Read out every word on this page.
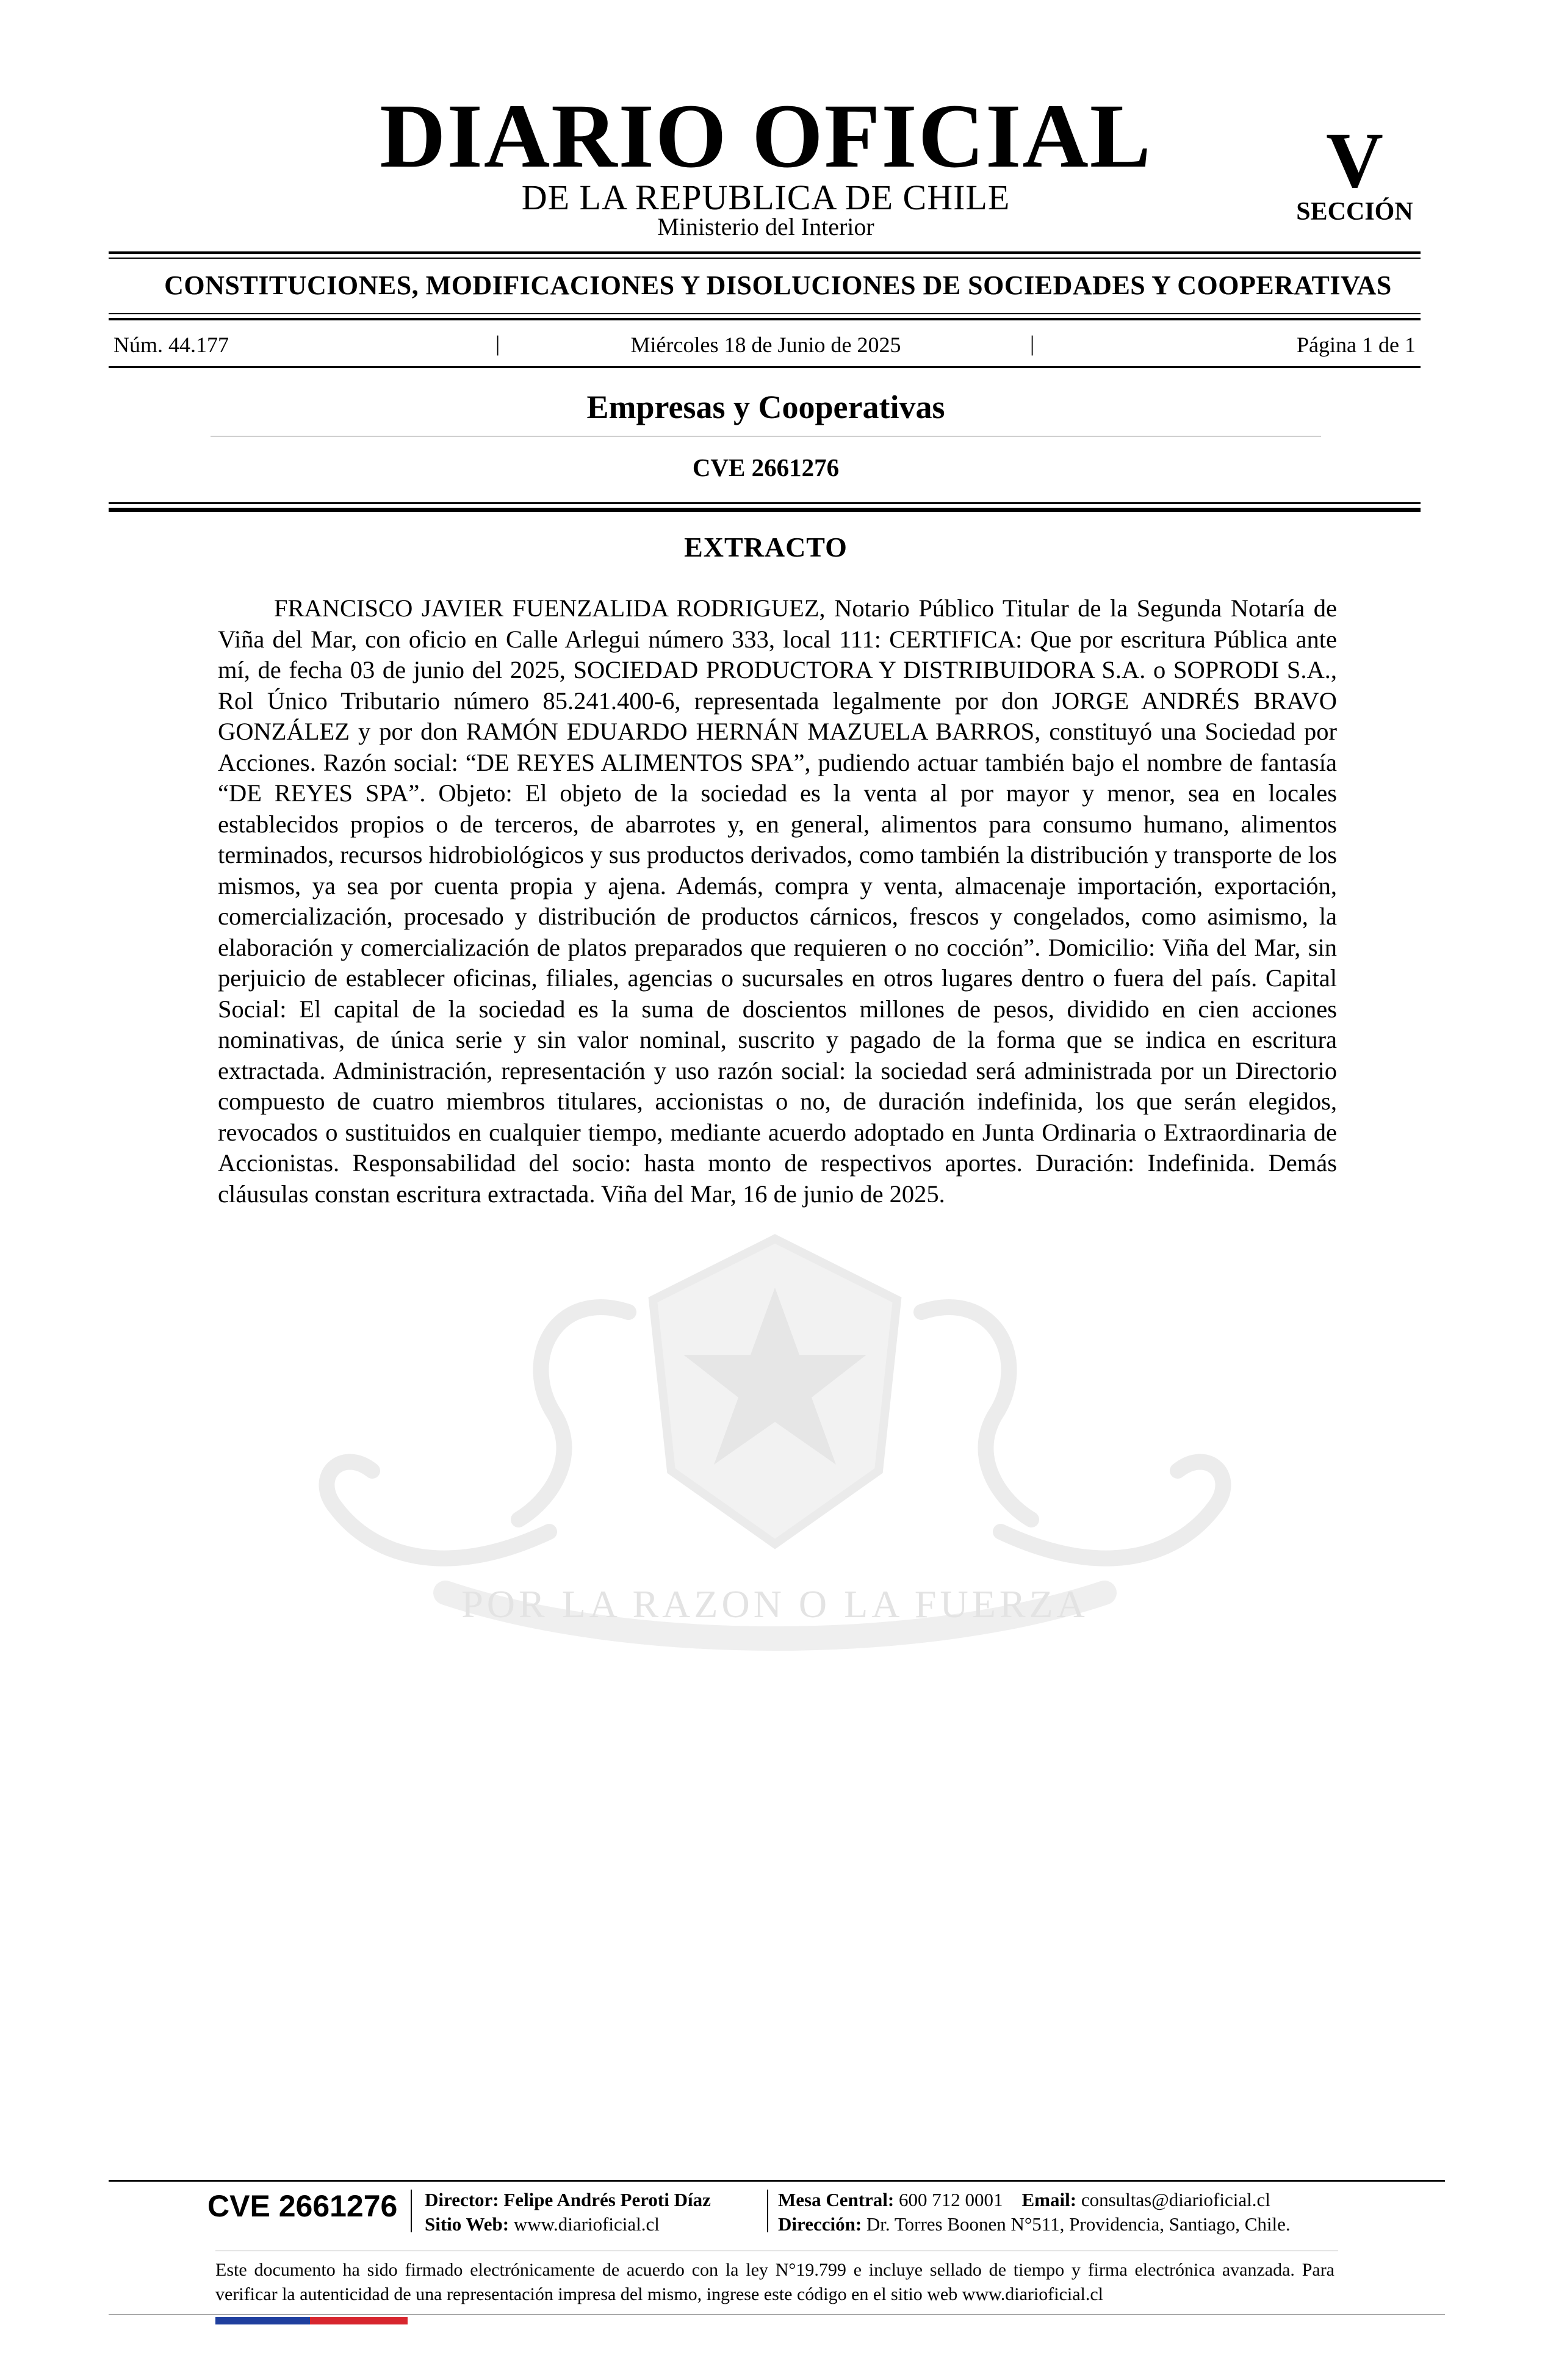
DIARIO OFICIAL
DE LA REPUBLICA DE CHILE
Ministerio del Interior
V
SECCIÓN
CONSTITUCIONES, MODIFICACIONES Y DISOLUCIONES DE SOCIEDADES Y COOPERATIVAS
Núm. 44.177	|	Miércoles 18 de Junio de 2025	|	Página 1 de 1
Empresas y Cooperativas
CVE 2661276
POR LA RAZON O LA FUERZA
EXTRACTO

FRANCISCO JAVIER FUENZALIDA RODRIGUEZ, Notario Público Titular de la Segunda Notaría de Viña del Mar, con oficio en Calle Arlegui número 333, local 111: CERTIFICA: Que por escritura Pública ante mí, de fecha 03 de junio del 2025, SOCIEDAD PRODUCTORA Y DISTRIBUIDORA S.A. o SOPRODI S.A., Rol Único Tributario número 85.241.400-6, representada legalmente por don JORGE ANDRÉS BRAVO GONZÁLEZ y por don RAMÓN EDUARDO HERNÁN MAZUELA BARROS, constituyó una Sociedad por Acciones. Razón social: “DE REYES ALIMENTOS SPA”, pudiendo actuar también bajo el nombre de fantasía “DE REYES SPA”. Objeto: El objeto de la sociedad es la venta al por mayor y menor, sea en locales establecidos propios o de terceros, de abarrotes y, en general, alimentos para consumo humano, alimentos terminados, recursos hidrobiológicos y sus productos derivados, como también la distribución y transporte de los mismos, ya sea por cuenta propia y ajena. Además, compra y venta, almacenaje importación, exportación, comercialización, procesado y distribución de productos cárnicos, frescos y congelados, como asimismo, la elaboración y comercialización de platos preparados que requieren o no cocción”. Domicilio: Viña del Mar, sin perjuicio de establecer oficinas, filiales, agencias o sucursales en otros lugares dentro o fuera del país. Capital Social: El capital de la sociedad es la suma de doscientos millones de pesos, dividido en cien acciones nominativas, de única serie y sin valor nominal, suscrito y pagado de la forma que se indica en escritura extractada. Administración, representación y uso razón social: la sociedad será administrada por un Directorio compuesto de cuatro miembros titulares, accionistas o no, de duración indefinida, los que serán elegidos, revocados o sustituidos en cualquier tiempo, mediante acuerdo adoptado en Junta Ordinaria o Extraordinaria de Accionistas. Responsabilidad del socio: hasta monto de respectivos aportes. Duración: Indefinida. Demás cláusulas constan escritura extractada. Viña del Mar, 16 de junio de 2025.

CVE 2661276 Director: Felipe Andrés Peroti Díaz
Sitio Web: www.diarioficial.cl
Mesa Central: 600 712 0001 Email: consultas@diarioficial.cl
Dirección: Dr. Torres Boonen N°511, Providencia, Santiago, Chile.
Este documento ha sido firmado electrónicamente de acuerdo con la ley N°19.799 e incluye sellado de tiempo y firma electrónica avanzada. Para verificar la autenticidad de una representación impresa del mismo, ingrese este código en el sitio web www.diarioficial.cl
